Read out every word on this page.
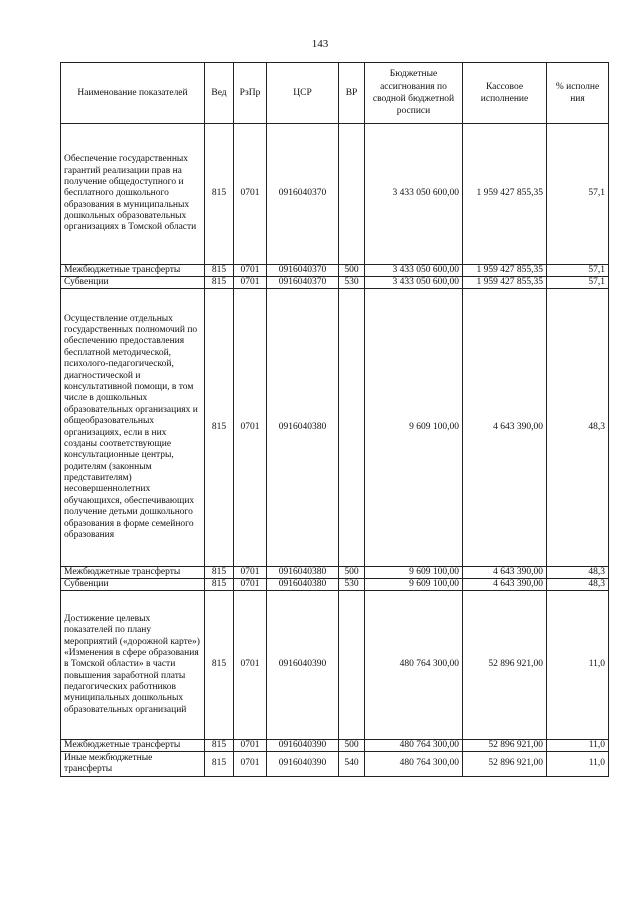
143
Наименование показателей	Вед	РзПр	ЦСР	ВР	Бюджетные ассигнования по сводной бюджетной росписи	Кассовое исполнение	% исполне ния
Обеспечение государственных гарантий реализации прав на получение общедоступного и бесплатного дошкольного образования в муниципальных дошкольных образовательных организациях в Томской области	815	0701	0916040370		3 433 050 600,00	1 959 427 855,35	57,1
Межбюджетные трансферты	815	0701	0916040370	500	3 433 050 600,00	1 959 427 855,35	57,1
Субвенции	815	0701	0916040370	530	3 433 050 600,00	1 959 427 855,35	57,1
Осуществление отдельных государственных полномочий по обеспечению предоставления бесплатной методической, психолого-педагогической, диагностической и консультативной помощи, в том числе в дошкольных образовательных организациях и общеобразовательных организациях, если в них созданы соответствующие консультационные центры, родителям (законным представителям) несовершеннолетних обучающихся, обеспечивающих получение детьми дошкольного образования в форме семейного образования	815	0701	0916040380		9 609 100,00	4 643 390,00	48,3
Межбюджетные трансферты	815	0701	0916040380	500	9 609 100,00	4 643 390,00	48,3
Субвенции	815	0701	0916040380	530	9 609 100,00	4 643 390,00	48,3
Достижение целевых показателей по плану мероприятий («дорожной карте») «Изменения в сфере образования в Томской области» в части повышения заработной платы педагогических работников муниципальных дошкольных образовательных организаций	815	0701	0916040390		480 764 300,00	52 896 921,00	11,0
Межбюджетные трансферты	815	0701	0916040390	500	480 764 300,00	52 896 921,00	11,0
Иные межбюджетные трансферты	815	0701	0916040390	540	480 764 300,00	52 896 921,00	11,0
